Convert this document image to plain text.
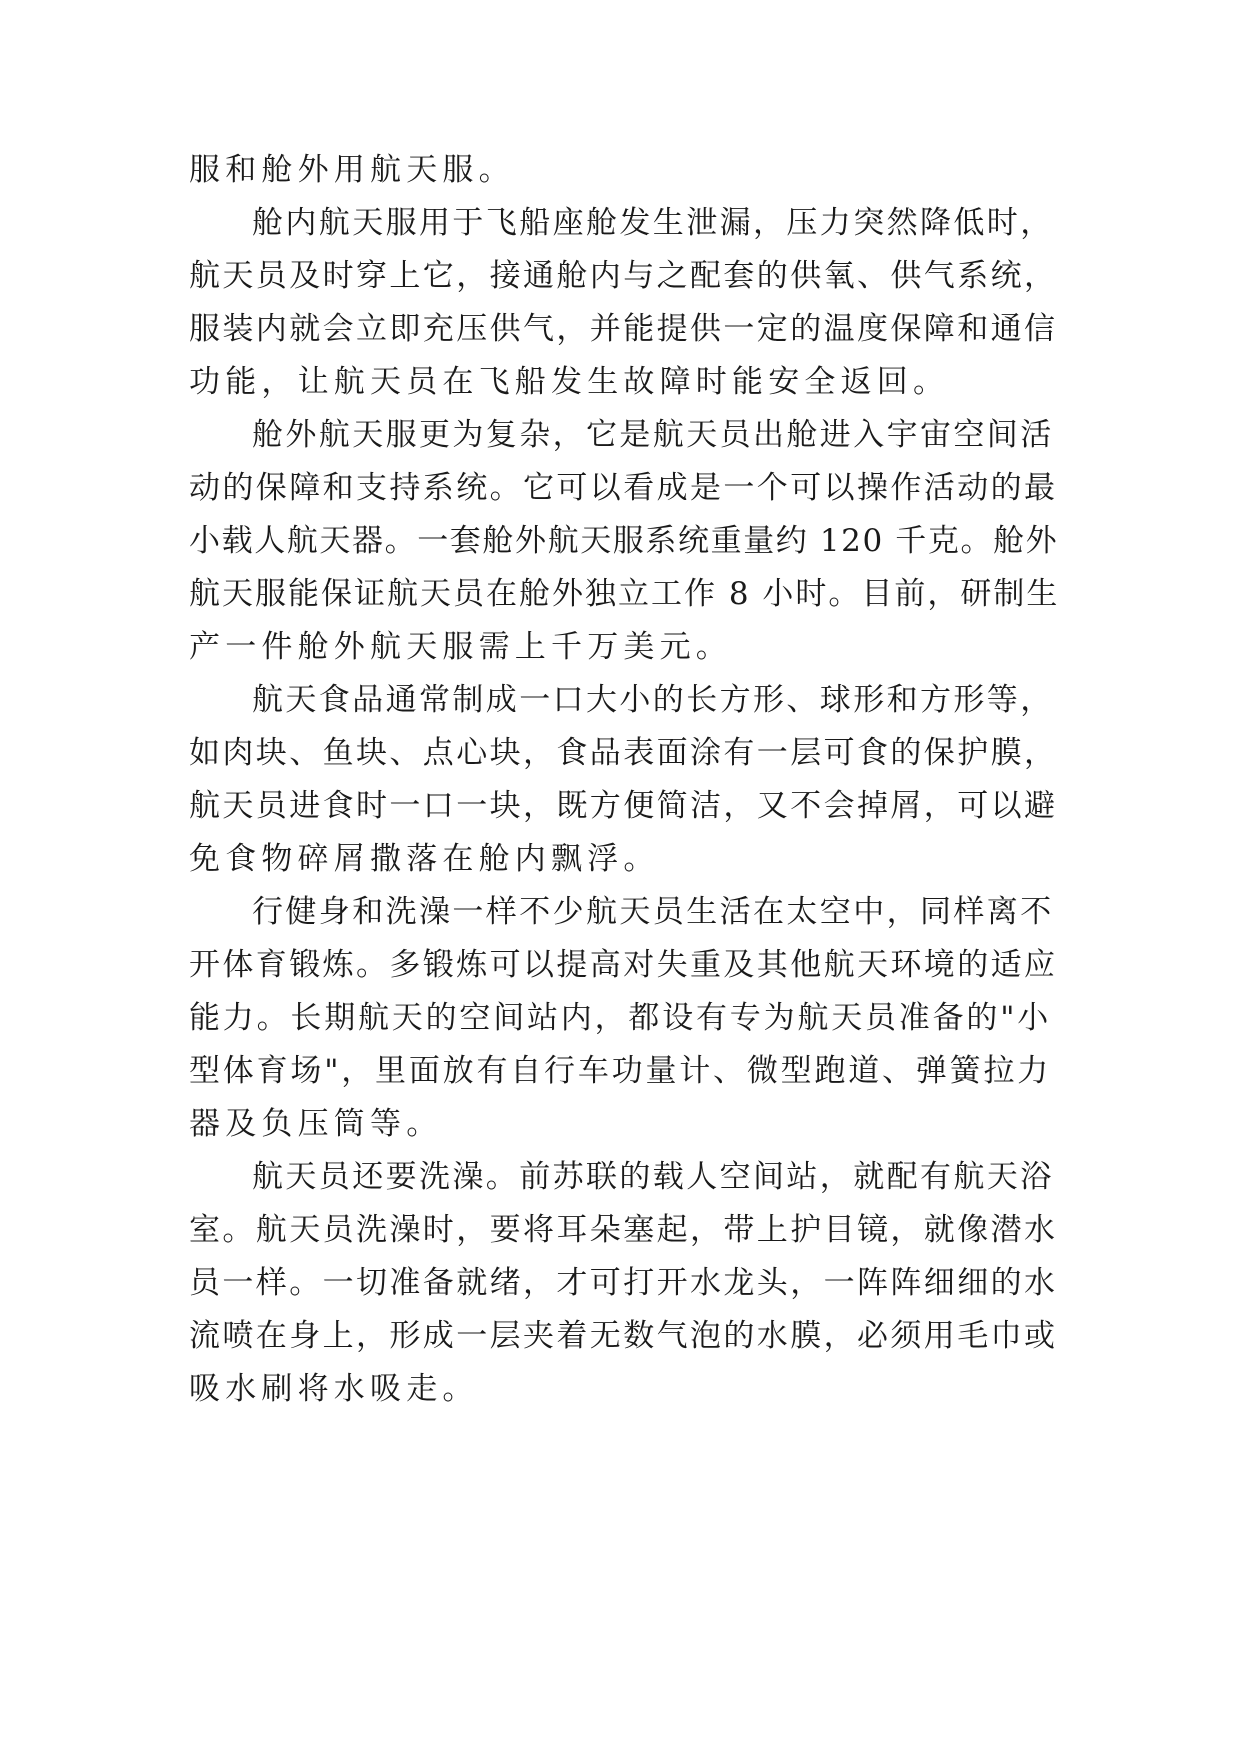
服和舱外用航天服。
舱内航天服用于飞船座舱发生泄漏，压力突然降低时，
航天员及时穿上它，接通舱内与之配套的供氧、供气系统，
服装内就会立即充压供气，并能提供一定的温度保障和通信
功能，让航天员在飞船发生故障时能安全返回。
舱外航天服更为复杂，它是航天员出舱进入宇宙空间活
动的保障和支持系统。它可以看成是一个可以操作活动的最
小载人航天器。一套舱外航天服系统重量约 120 千克。舱外
航天服能保证航天员在舱外独立工作 8 小时。目前，研制生
产一件舱外航天服需上千万美元。
航天食品通常制成一口大小的长方形、球形和方形等，
如肉块、鱼块、点心块，食品表面涂有一层可食的保护膜，
航天员进食时一口一块，既方便简洁，又不会掉屑，可以避
免食物碎屑撒落在舱内飘浮。
行健身和洗澡一样不少航天员生活在太空中，同样离不
开体育锻炼。多锻炼可以提高对失重及其他航天环境的适应
能力。长期航天的空间站内，都设有专为航天员准备的"小
型体育场"，里面放有自行车功量计、微型跑道、弹簧拉力
器及负压筒等。
航天员还要洗澡。前苏联的载人空间站，就配有航天浴
室。航天员洗澡时，要将耳朵塞起，带上护目镜，就像潜水
员一样。一切准备就绪，才可打开水龙头，一阵阵细细的水
流喷在身上，形成一层夹着无数气泡的水膜，必须用毛巾或
吸水刷将水吸走。
